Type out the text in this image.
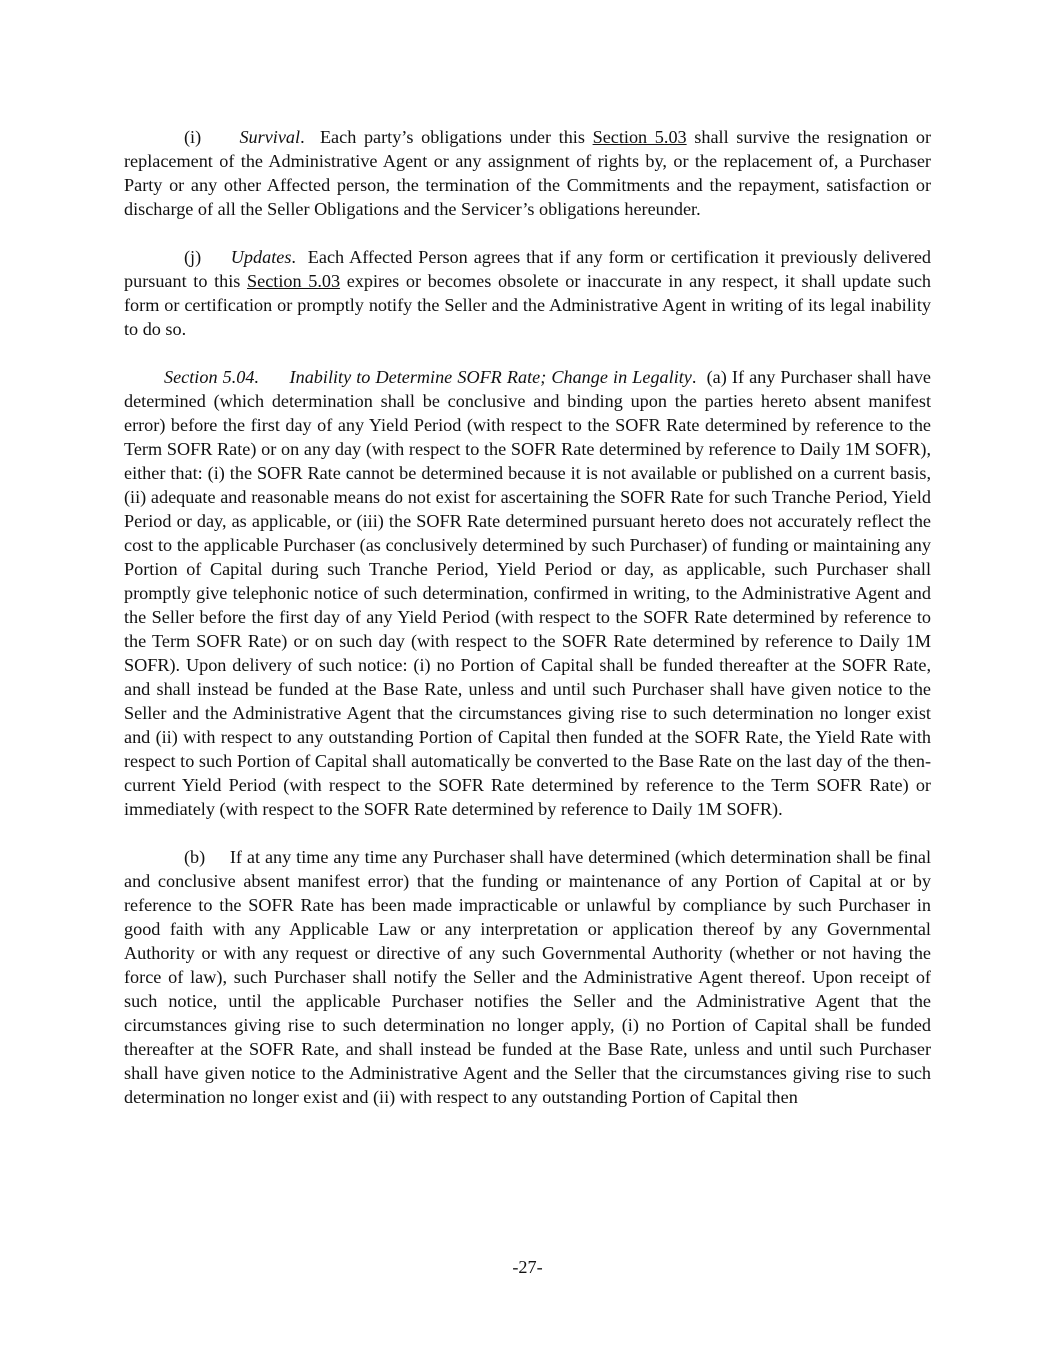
(i) Survival.  Each party’s obligations under this Section 5.03 shall survive the resignation or replacement of the Administrative Agent or any assignment of rights by, or the replacement of, a Purchaser Party or any other Affected person, the termination of the Commitments and the repayment, satisfaction or discharge of all the Seller Obligations and the Servicer’s obligations hereunder.

(j) Updates.  Each Affected Person agrees that if any form or certification it previously delivered pursuant to this Section 5.03 expires or becomes obsolete or inaccurate in any respect, it shall update such form or certification or promptly notify the Seller and the Administrative Agent in writing of its legal inability to do so.

Section 5.04. Inability to Determine SOFR Rate; Change in Legality.  (a) If any Purchaser shall have determined (which determination shall be conclusive and binding upon the parties hereto absent manifest error) before the first day of any Yield Period (with respect to the SOFR Rate determined by reference to the Term SOFR Rate) or on any day (with respect to the SOFR Rate determined by reference to Daily 1M SOFR), either that: (i) the SOFR Rate cannot be determined because it is not available or published on a current basis, (ii) adequate and reasonable means do not exist for ascertaining the SOFR Rate for such Tranche Period, Yield Period or day, as applicable, or (iii) the SOFR Rate determined pursuant hereto does not accurately reflect the cost to the applicable Purchaser (as conclusively determined by such Purchaser) of funding or maintaining any Portion of Capital during such Tranche Period, Yield Period or day, as applicable, such Purchaser shall promptly give telephonic notice of such determination, confirmed in writing, to the Administrative Agent and the Seller before the first day of any Yield Period (with respect to the SOFR Rate determined by reference to the Term SOFR Rate) or on such day (with respect to the SOFR Rate determined by reference to Daily 1M SOFR). Upon delivery of such notice: (i) no Portion of Capital shall be funded thereafter at the SOFR Rate, and shall instead be funded at the Base Rate, unless and until such Purchaser shall have given notice to the Seller and the Administrative Agent that the circumstances giving rise to such determination no longer exist and (ii) with respect to any outstanding Portion of Capital then funded at the SOFR Rate, the Yield Rate with respect to such Portion of Capital shall automatically be converted to the Base Rate on the last day of the then-current Yield Period (with respect to the SOFR Rate determined by reference to the Term SOFR Rate) or immediately (with respect to the SOFR Rate determined by reference to Daily 1M SOFR).

(b) If at any time any time any Purchaser shall have determined (which determination shall be final and conclusive absent manifest error) that the funding or maintenance of any Portion of Capital at or by reference to the SOFR Rate has been made impracticable or unlawful by compliance by such Purchaser in good faith with any Applicable Law or any interpretation or application thereof by any Governmental Authority or with any request or directive of any such Governmental Authority (whether or not having the force of law), such Purchaser shall notify the Seller and the Administrative Agent thereof. Upon receipt of such notice, until the applicable Purchaser notifies the Seller and the Administrative Agent that the circumstances giving rise to such determination no longer apply, (i) no Portion of Capital shall be funded thereafter at the SOFR Rate, and shall instead be funded at the Base Rate, unless and until such Purchaser shall have given notice to the Administrative Agent and the Seller that the circumstances giving rise to such determination no longer exist and (ii) with respect to any outstanding Portion of Capital then

-27-
